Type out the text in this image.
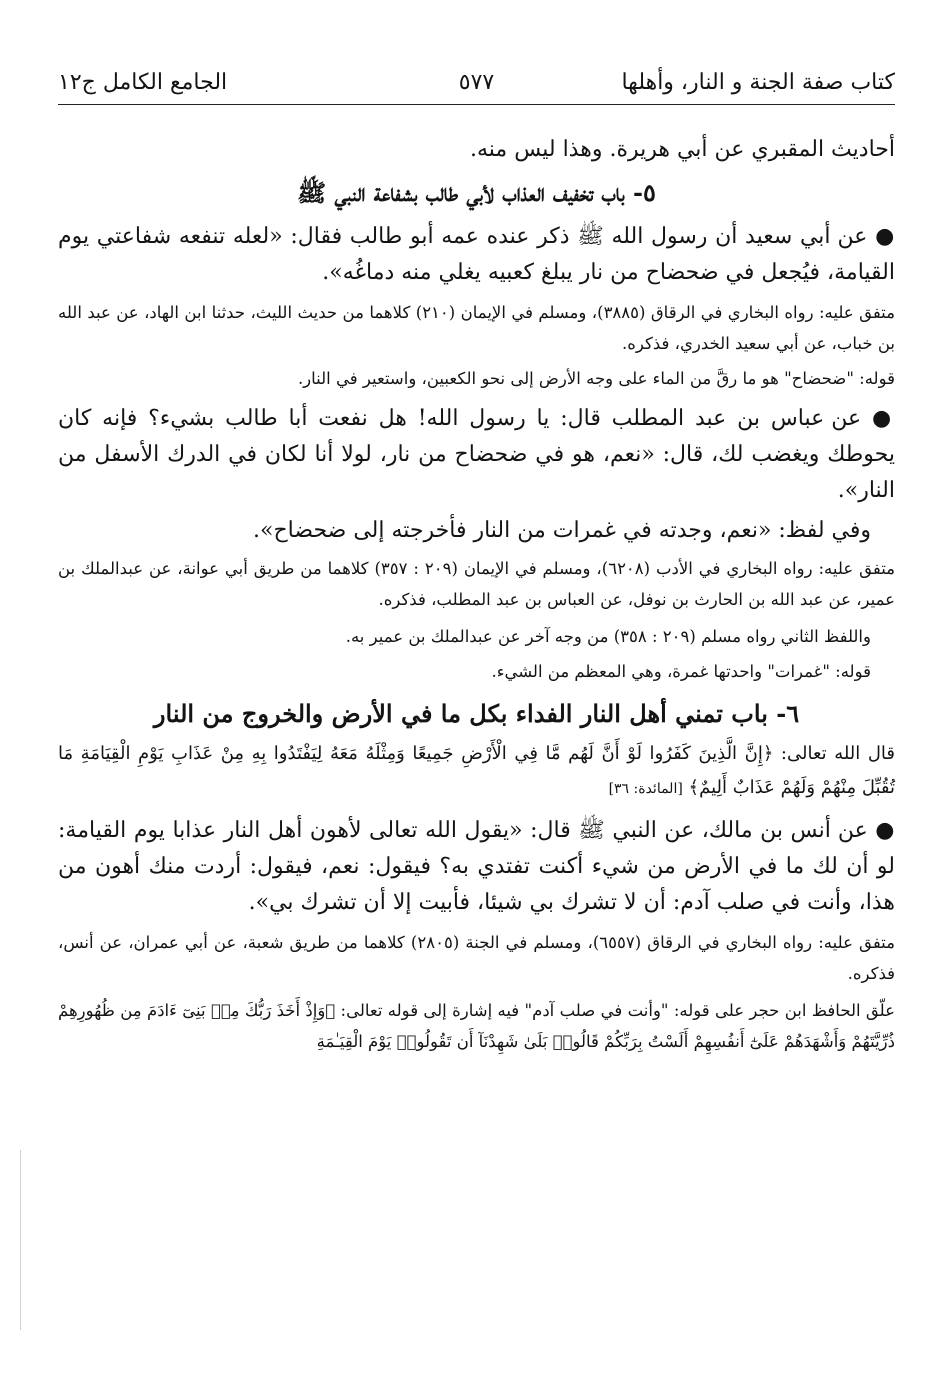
كتاب صفة الجنة و النار، وأهلها
٥٧٧
الجامع الكامل ج١٢

أحاديث المقبري عن أبي هريرة. وهذا ليس منه.

٥- باب تخفيف العذاب لأبي طالب بشفاعة النبي ﷺ

● عن أبي سعيد أن رسول الله ﷺ ذكر عنده عمه أبو طالب فقال: «لعله تنفعه شفاعتي يوم القيامة، فيُجعل في ضحضاح من نار يبلغ كعبيه يغلي منه دماغُه».

متفق عليه: رواه البخاري في الرقاق (٣٨٨٥)، ومسلم في الإيمان (٢١٠) كلاهما من حديث الليث، حدثنا ابن الهاد، عن عبد الله بن خباب، عن أبي سعيد الخدري، فذكره.

قوله: "ضحضاح" هو ما رقَّ من الماء على وجه الأرض إلى نحو الكعبين، واستعير في النار.

● عن عباس بن عبد المطلب قال: يا رسول الله! هل نفعت أبا طالب بشيء؟ فإنه كان يحوطك ويغضب لك، قال: «نعم، هو في ضحضاح من نار، لولا أنا لكان في الدرك الأسفل من النار».

وفي لفظ: «نعم، وجدته في غمرات من النار فأخرجته إلى ضحضاح».

متفق عليه: رواه البخاري في الأدب (٦٢٠٨)، ومسلم في الإيمان (٢٠٩ : ٣٥٧) كلاهما من طريق أبي عوانة، عن عبدالملك بن عمير، عن عبد الله بن الحارث بن نوفل، عن العباس بن عبد المطلب، فذكره.

واللفظ الثاني رواه مسلم (٢٠٩ : ٣٥٨) من وجه آخر عن عبدالملك بن عمير به.

قوله: "غمرات" واحدتها غمرة، وهي المعظم من الشيء.

٦- باب تمني أهل النار الفداء بكل ما في الأرض والخروج من النار

قال الله تعالى: ﴿إِنَّ الَّذِينَ كَفَرُوا لَوْ أَنَّ لَهُم مَّا فِي الْأَرْضِ جَمِيعًا وَمِثْلَهُ مَعَهُ لِيَفْتَدُوا بِهِ مِنْ عَذَابِ يَوْمِ الْقِيَامَةِ مَا تُقُبِّلَ مِنْهُمْ وَلَهُمْ عَذَابٌ أَلِيمٌ﴾ [المائدة: ٣٦]

● عن أنس بن مالك، عن النبي ﷺ قال: «يقول الله تعالى لأهون أهل النار عذابا يوم القيامة: لو أن لك ما في الأرض من شيء أكنت تفتدي به؟ فيقول: نعم، فيقول: أردت منك أهون من هذا، وأنت في صلب آدم: أن لا تشرك بي شيئا، فأبيت إلا أن تشرك بي».

متفق عليه: رواه البخاري في الرقاق (٦٥٥٧)، ومسلم في الجنة (٢٨٠٥) كلاهما من طريق شعبة، عن أبي عمران، عن أنس، فذكره.

علّق الحافظ ابن حجر على قوله: "وأنت في صلب آدم" فيه إشارة إلى قوله تعالى: ﴿وَإِذْ أَخَذَ رَبُّكَ مِنۢ بَنِىٓ ءَادَمَ مِن ظُهُورِهِمْ ذُرِّيَّتَهُمْ وَأَشْهَدَهُمْ عَلَىٰٓ أَنفُسِهِمْ أَلَسْتُ بِرَبِّكُمْ قَالُوا۟ بَلَىٰ شَهِدْنَآ أَن تَقُولُوا۟ يَوْمَ الْقِيَـٰمَةِ
